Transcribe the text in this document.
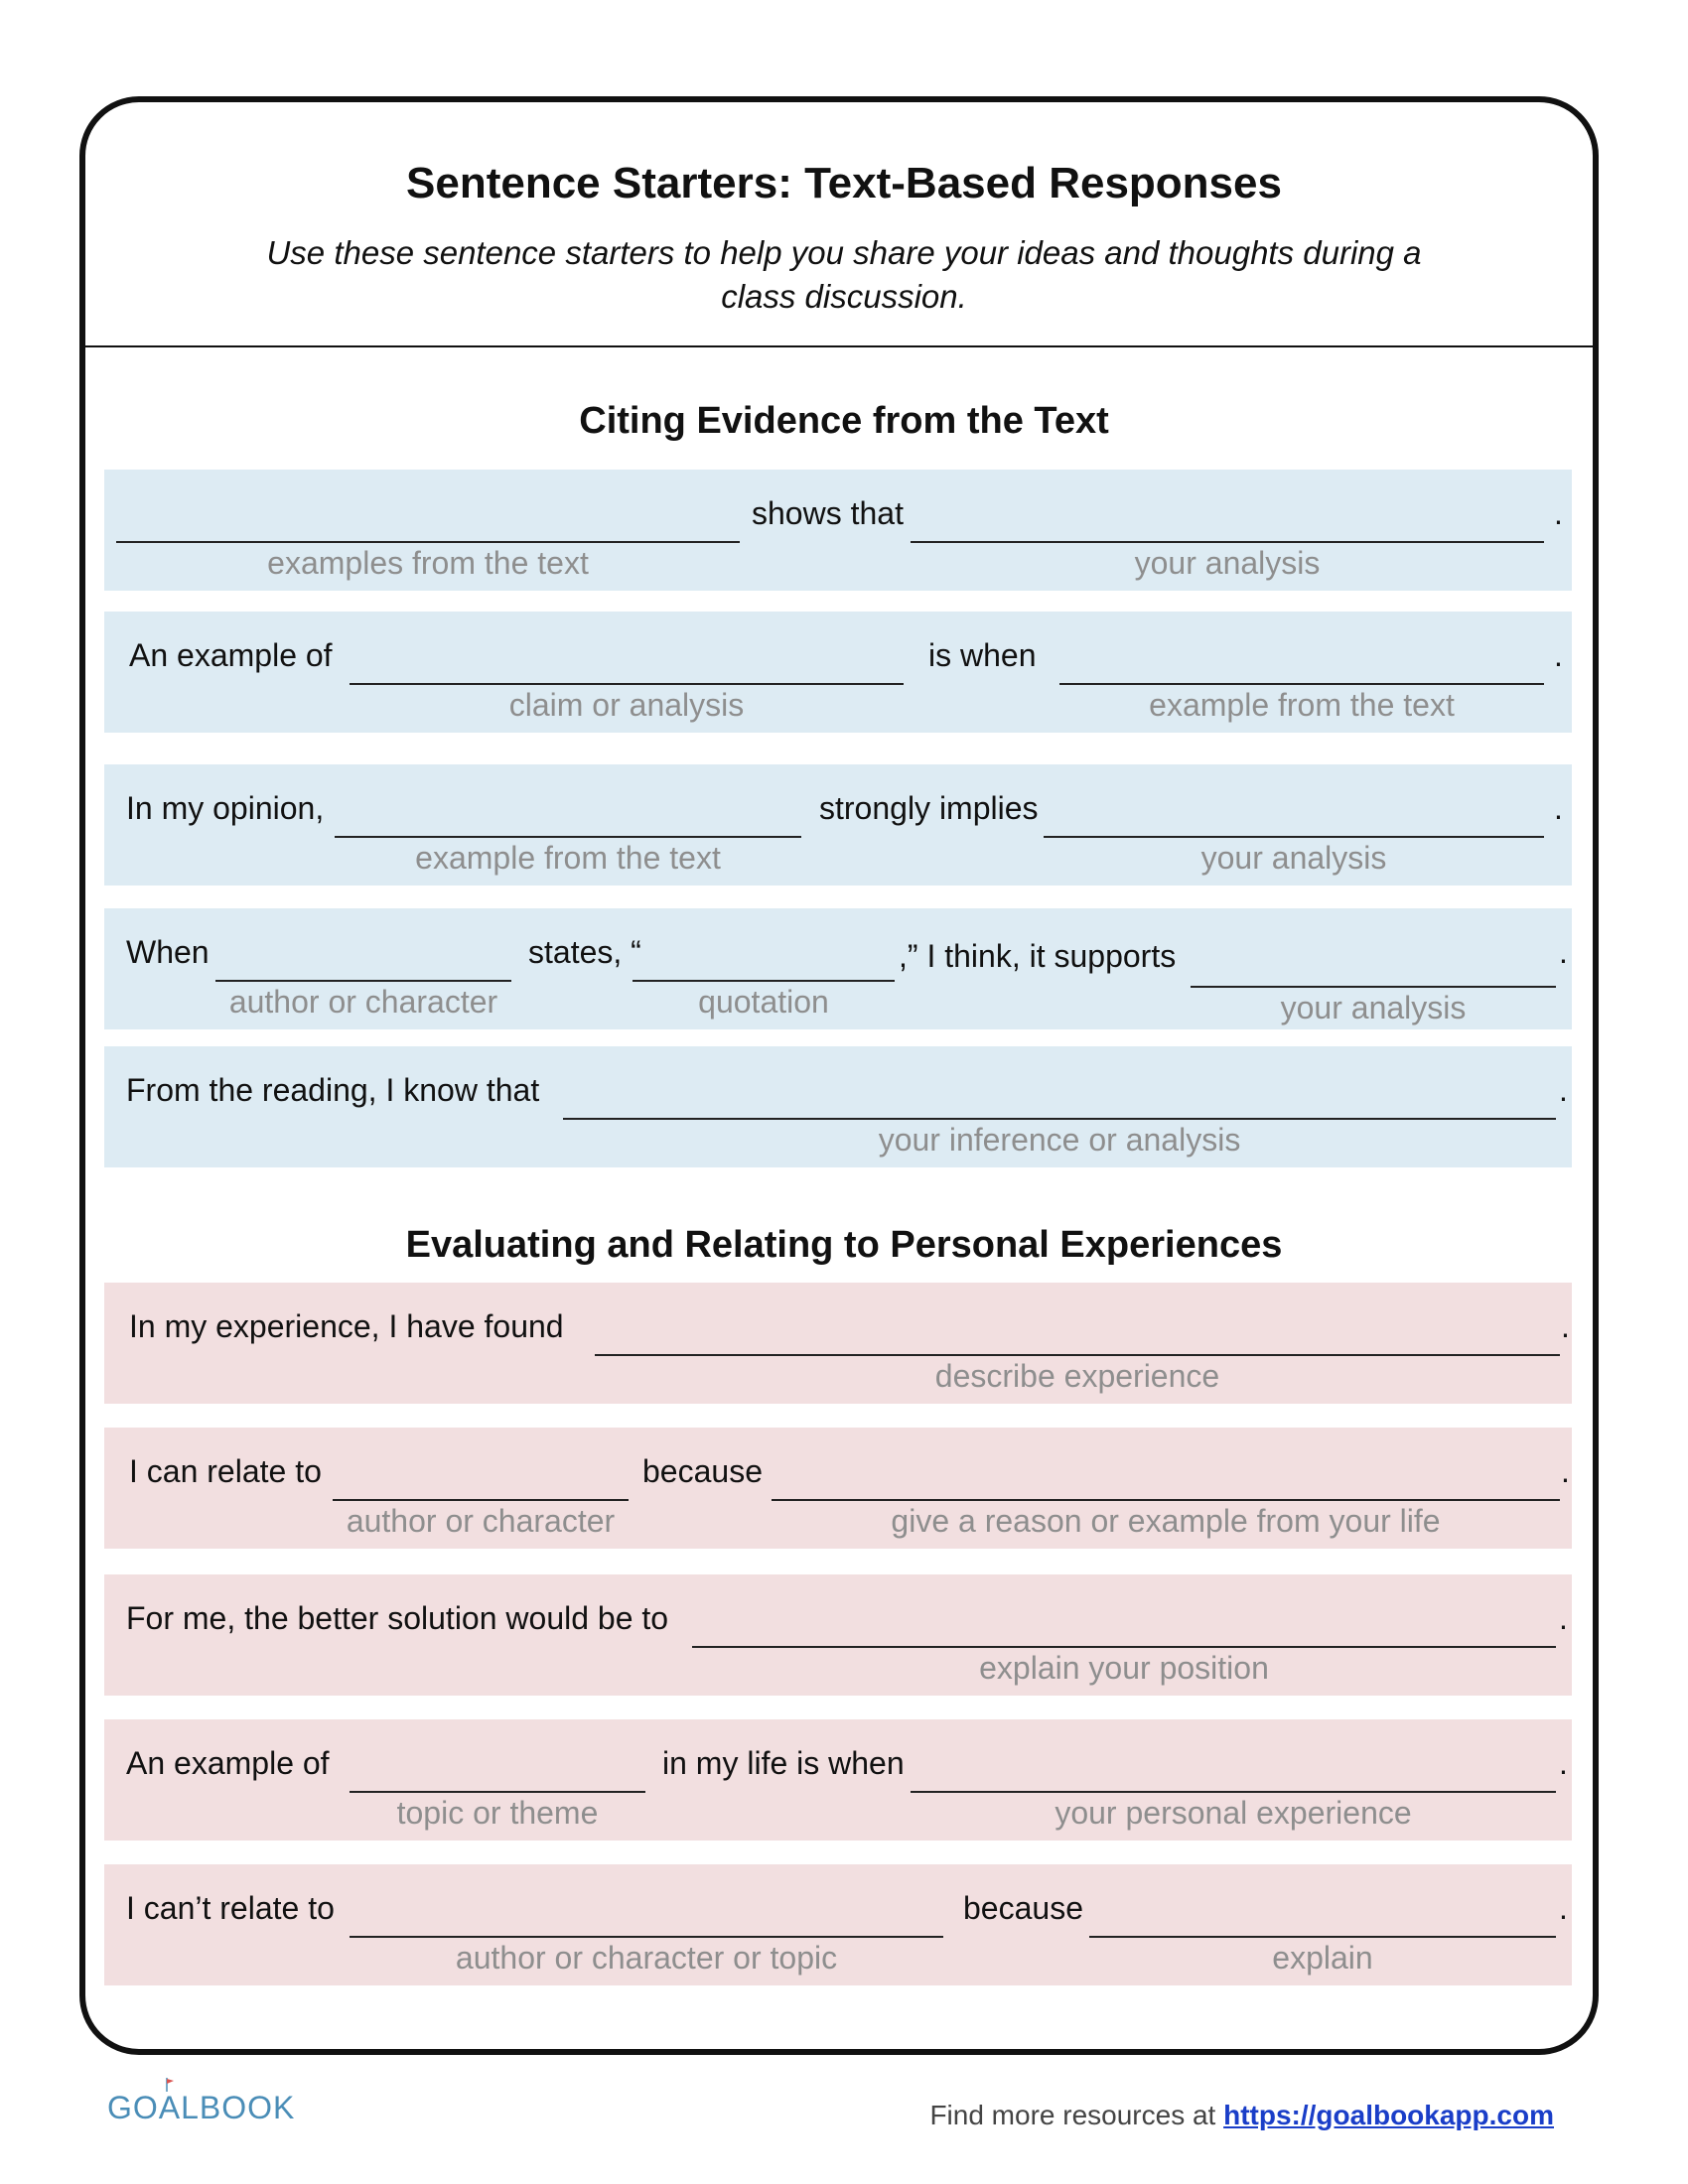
Sentence Starters: Text-Based Responses
Use these sentence starters to help you share your ideas and thoughts during a class discussion.
Citing Evidence from the Text
shows that	.
examples from the text	your analysis
An example of	is when	.
claim or analysis	example from the text
In my opinion,	strongly implies	.
example from the text	your analysis
When	states, “	,” I think, it supports	.
author or character	quotation	your analysis
From the reading, I know that	.
your inference or analysis
Evaluating and Relating to Personal Experiences
In my experience, I have found	.
describe experience
I can relate to	because	.
author or character	give a reason or example from your life
For me, the better solution would be to	.
explain your position
An example of	in my life is when	.
topic or theme	your personal experience
I can’t relate to	because	.
author or character or topic	explain
GOALBOOK	Find more resources at https://goalbookapp.com
